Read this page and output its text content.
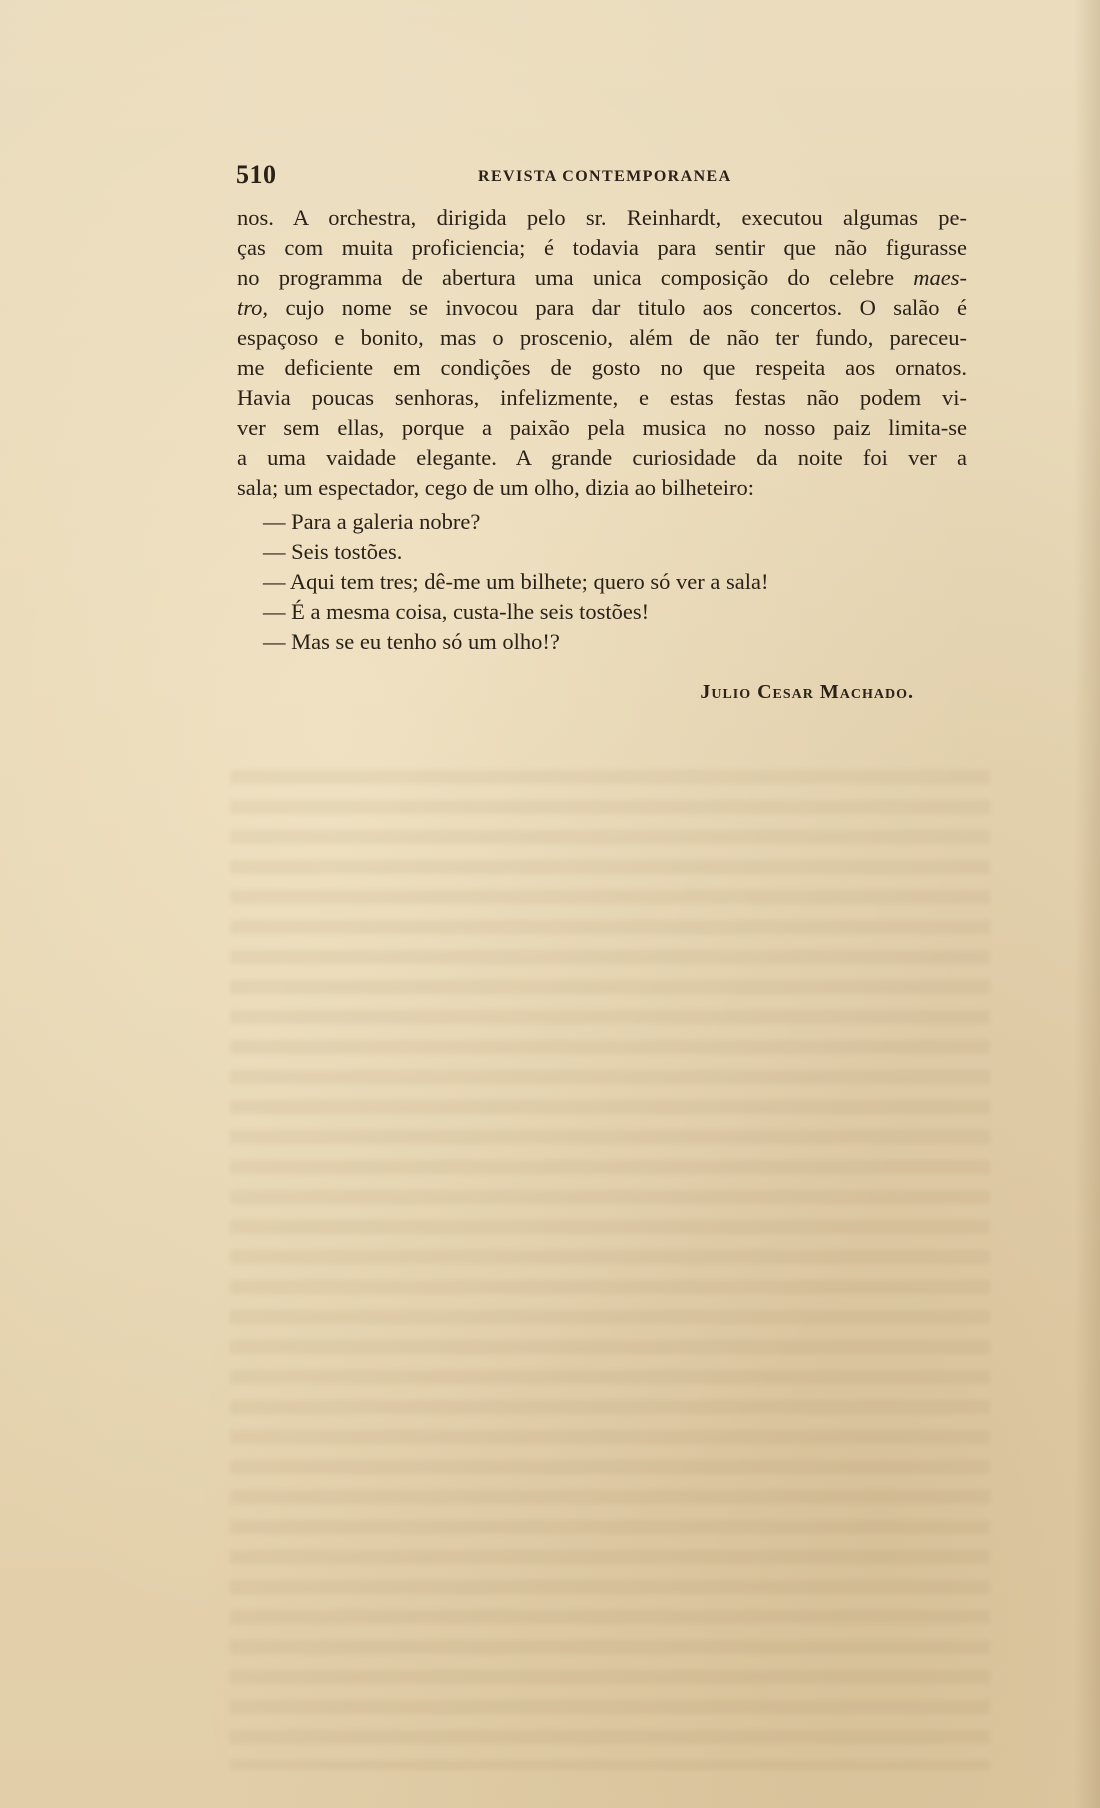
510	REVISTA CONTEMPORANEA
nos. A orchestra, dirigida pelo sr. Reinhardt, executou algumas pe-
ças com muita proficiencia; é todavia para sentir que não figurasse
no programma de abertura uma unica composição do celebre maes-
tro, cujo nome se invocou para dar titulo aos concertos. O salão é
espaçoso e bonito, mas o proscenio, além de não ter fundo, pareceu-
me deficiente em condições de gosto no que respeita aos ornatos.
Havia poucas senhoras, infelizmente, e estas festas não podem vi-
ver sem ellas, porque a paixão pela musica no nosso paiz limita-se
a uma vaidade elegante. A grande curiosidade da noite foi ver a
sala; um espectador, cego de um olho, dizia ao bilheteiro:
— Para a galeria nobre?
— Seis tostões.
— Aqui tem tres; dê-me um bilhete; quero só ver a sala!
— É a mesma coisa, custa-lhe seis tostões!
— Mas se eu tenho só um olho!?
Julio Cesar Machado.
